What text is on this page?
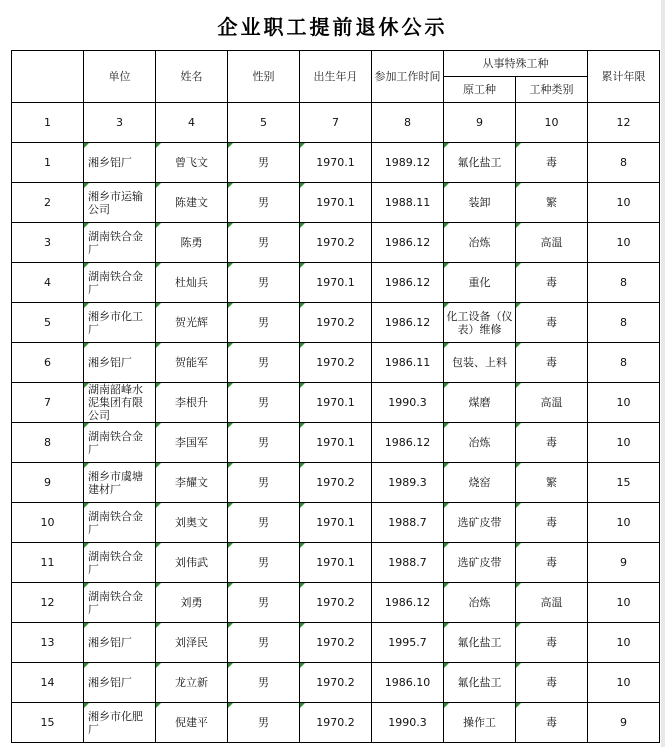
企业职工提前退休公示
	单位	姓名	性别	出生年月	参加工作时间	从事特殊工种		累计年限
						原工种	工种类别	
1	3	4	5	7	8	9	10	12

1	湘乡铝厂	曾飞文	男	1970.1	1989.12	氟化盐工	毒	8

2	湘乡市运输公司	陈建文	男	1970.1	1988.11	装卸	繁	10

3	湖南铁合金厂	陈勇	男	1970.2	1986.12	冶炼	高温	10

4	湖南铁合金厂	杜灿兵	男	1970.1	1986.12	重化	毒	8

5	湘乡市化工厂	贺光辉	男	1970.2	1986.12	化工设备（仪表）维修	毒	8

6	湘乡铝厂	贺能军	男	1970.2	1986.11	包装、上料	毒	8

7	湖南韶峰水泥集团有限公司	李根升	男	1970.1	1990.3	煤磨	高温	10

8	湖南铁合金厂	李国军	男	1970.1	1986.12	冶炼	毒	10

9	湘乡市虞塘建材厂	李耀文	男	1970.2	1989.3	烧窑	繁	15

10	湖南铁合金厂	刘奥文	男	1970.1	1988.7	选矿皮带	毒	10

11	湖南铁合金厂	刘伟武	男	1970.1	1988.7	选矿皮带	毒	9

12	湖南铁合金厂	刘勇	男	1970.2	1986.12	冶炼	高温	10

13	湘乡铝厂	刘泽民	男	1970.2	1995.7	氟化盐工	毒	10

14	湘乡铝厂	龙立新	男	1970.2	1986.10	氟化盐工	毒	10

15	湘乡市化肥厂	倪建平	男	1970.2	1990.3	操作工	毒	9
